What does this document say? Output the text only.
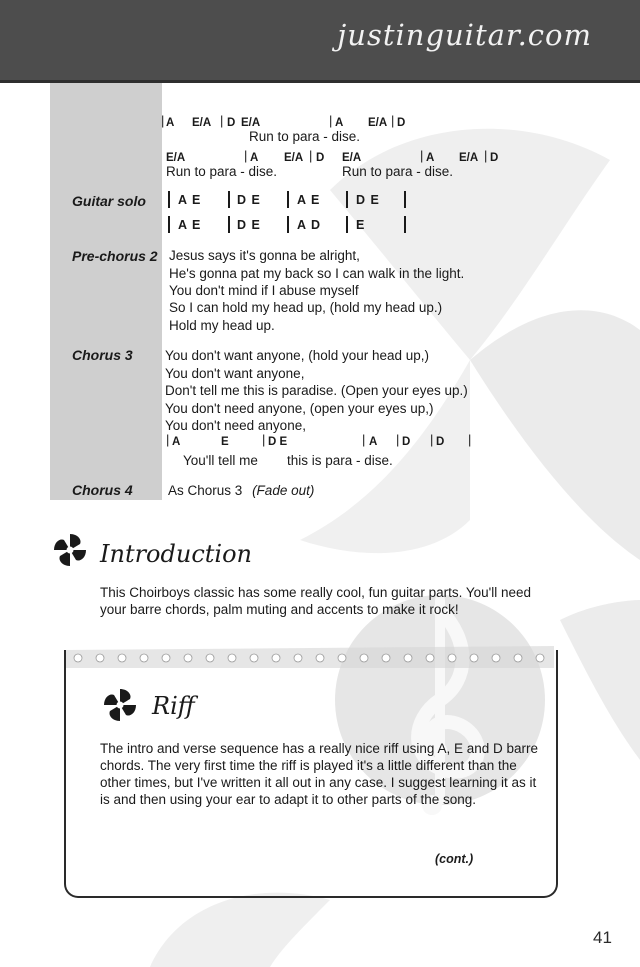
justinguitar.com
| A E/A | D E/A	| A E/A | D
Run to para - dise.
E/A	| A E/A | D E/A	| A E/A | D
Run to para - dise.	Run to para - dise.
Guitar solo	A E	D E	A E	D E
A E	D E	A D	E
Pre-chorus 2 Jesus says it's gonna be alright,
He's gonna pat my back so I can walk in the light.
You don't mind if I abuse myself
So I can hold my head up, (hold my head up.)
Hold my head up.
Chorus 3 You don't want anyone, (hold your head up,)
You don't want anyone,
Don't tell me this is paradise. (Open your eyes up.)
You don't need anyone, (open your eyes up,)
You don't need anyone,
| A	E	| D E	| A | D | D |
You'll tell me this is para - dise.
Chorus 4	As Chorus 3 (Fade out)
Introduction
This Choirboys classic has some really cool, fun guitar parts. You'll need
your barre chords, palm muting and accents to make it rock!
Riff
The intro and verse sequence has a really nice riff using A, E and D barre
chords. The very first time the riff is played it's a little different than the
other times, but I've written it all out in any case. I suggest learning it as it
is and then using your ear to adapt it to other parts of the song.
(cont.)
41
